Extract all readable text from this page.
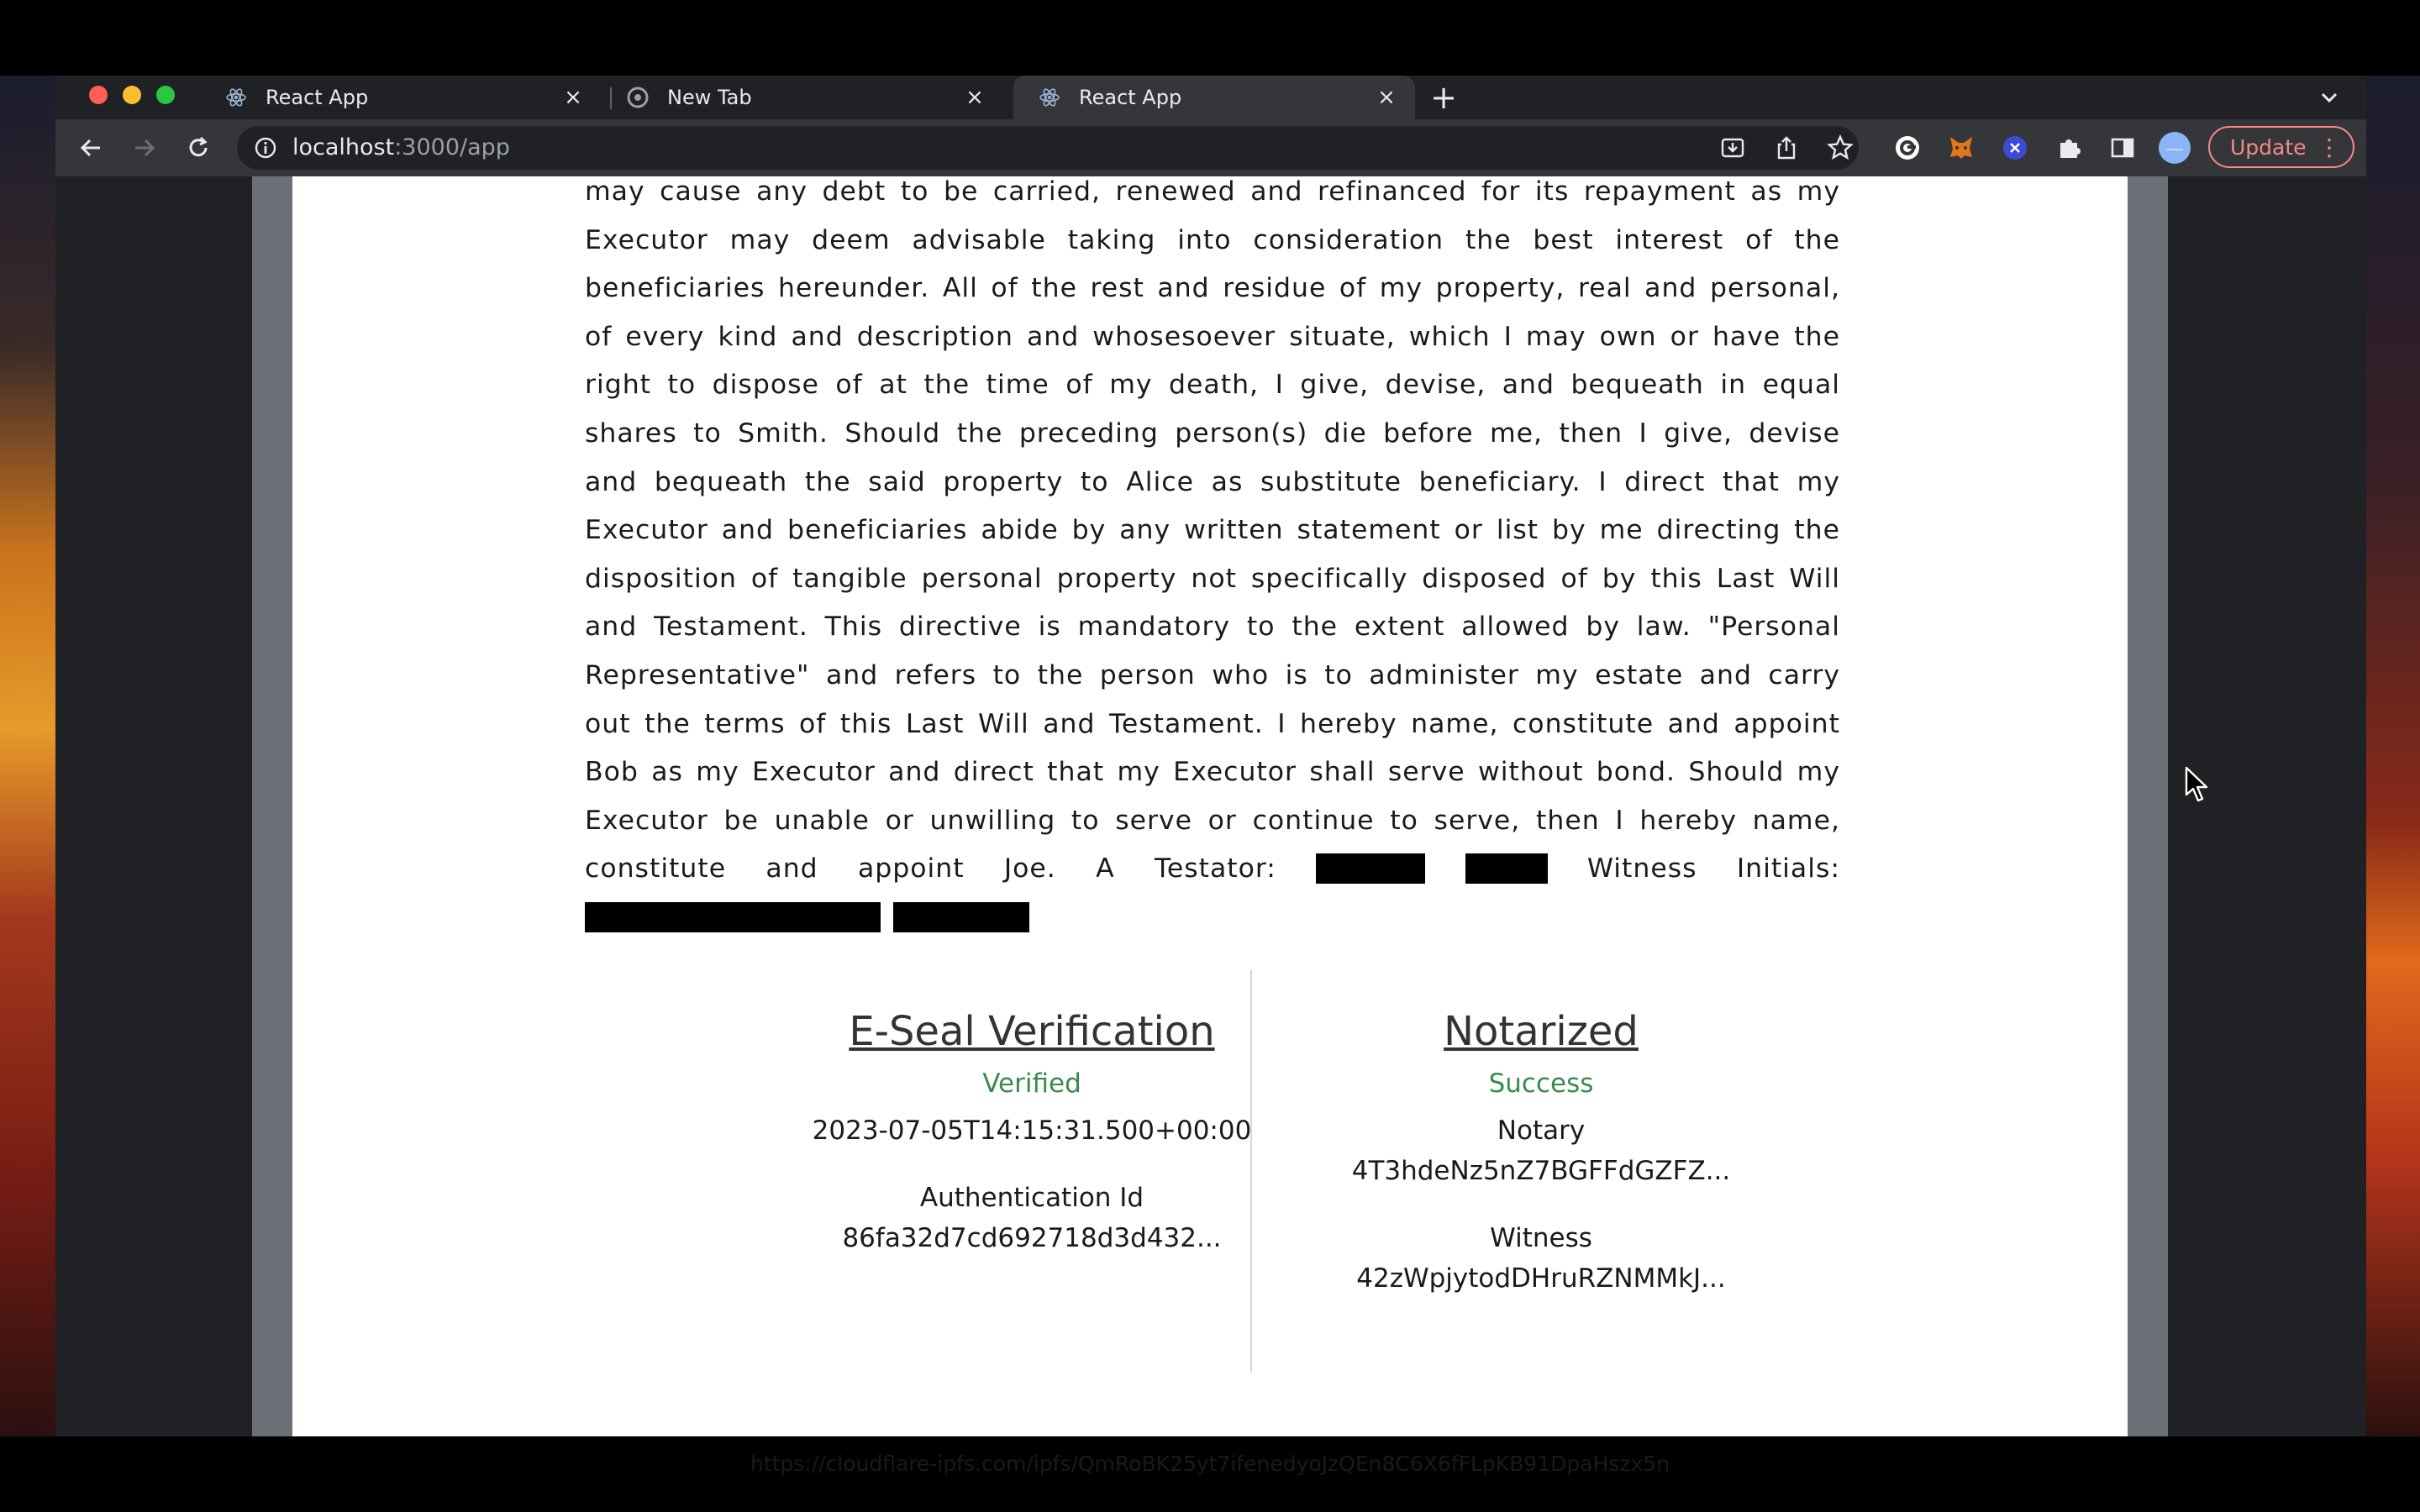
React App	×	New Tab	×	React App	× +
localhost:3000/app	Update ⋮

may cause any debt to be carried, renewed and refinanced for its repayment as my Executor may deem advisable taking into consideration the best interest of the beneficiaries hereunder. All of the rest and residue of my property, real and personal, of every kind and description and whosesoever situate, which I may own or have the right to dispose of at the time of my death, I give, devise, and bequeath in equal shares to Smith. Should the preceding person(s) die before me, then I give, devise and bequeath the said property to Alice as substitute beneficiary. I direct that my Executor and beneficiaries abide by any written statement or list by me directing the disposition of tangible personal property not specifically disposed of by this Last Will and Testament. This directive is mandatory to the extent allowed by law. "Personal Representative" and refers to the person who is to administer my estate and carry out the terms of this Last Will and Testament. I hereby name, constitute and appoint Bob as my Executor and direct that my Executor shall serve without bond. Should my Executor be unable or unwilling to serve or continue to serve, then I hereby name, constitute and appoint Joe. A Testator:	Witness Initials:

E-Seal Verification
Verified
2023-07-05T14:15:31.500+00:00
Authentication Id
86fa32d7cd692718d3d432...
Notarized
Success
Notary
4T3hdeNz5nZ7BGFFdGZFZ...
Witness
42zWpjytodDHruRZNMMkJ...
https://cloudflare-ipfs.com/ipfs/QmRoBK25yt7ifenedyoJzQEn8C6X6fFLpKB91DpaHszx5n
